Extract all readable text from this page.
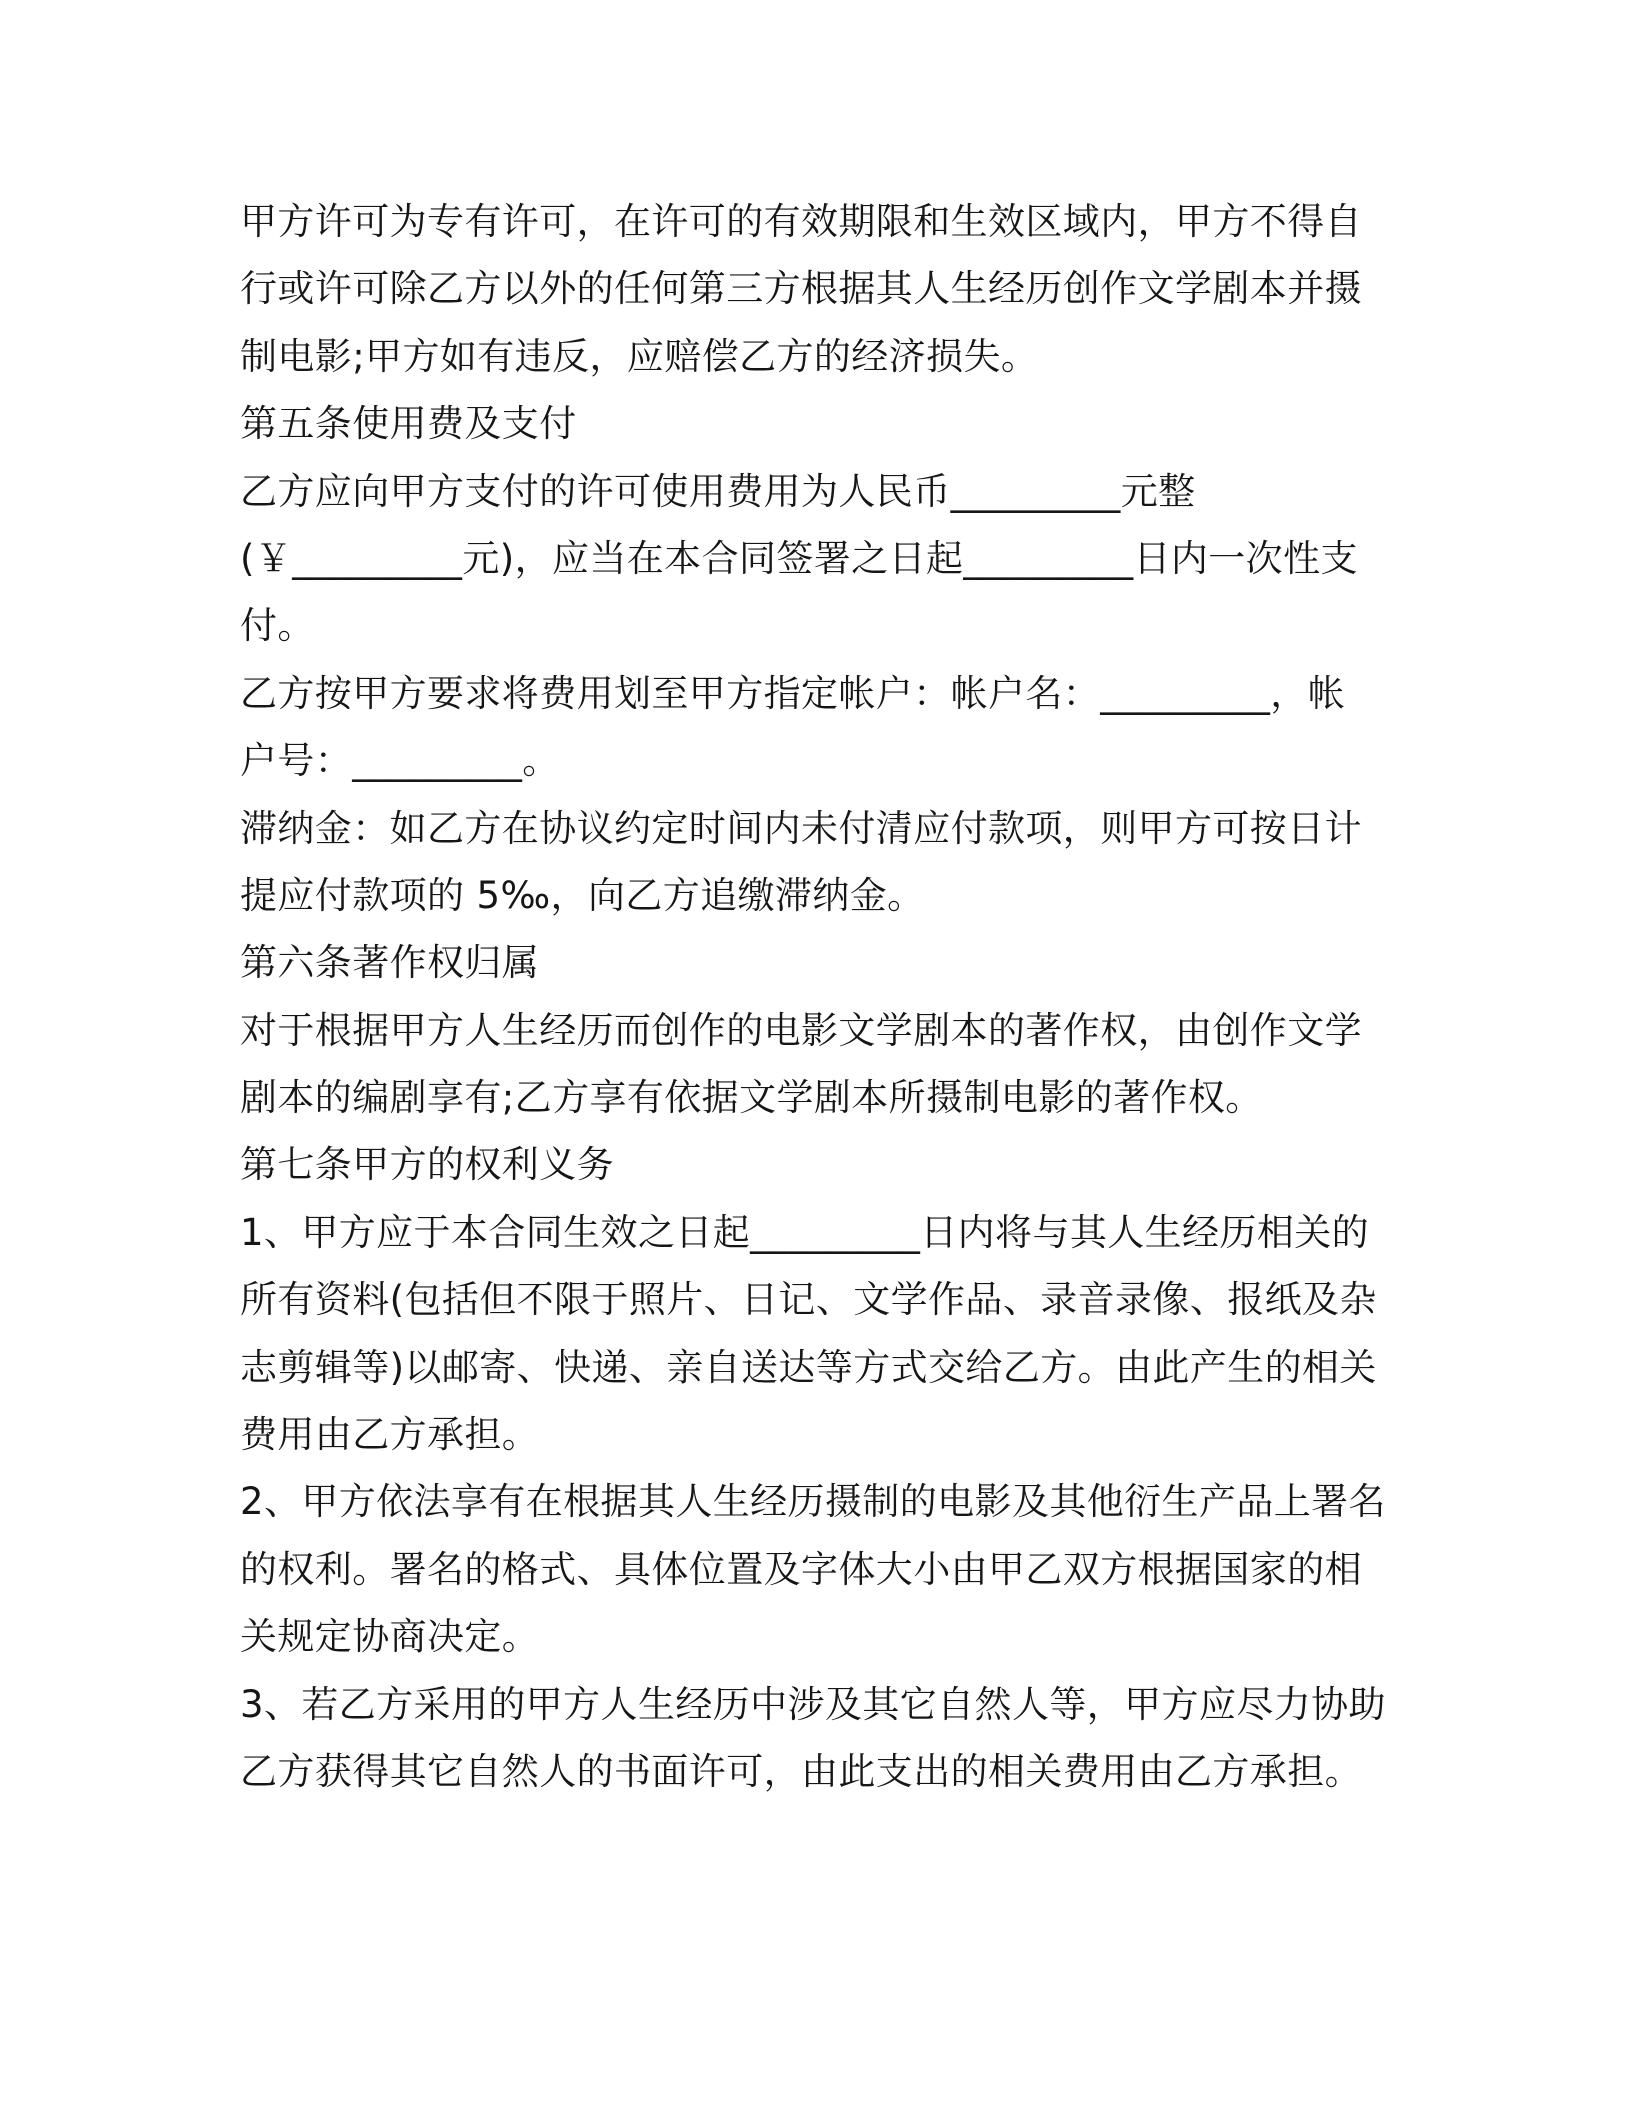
甲方许可为专有许可，在许可的有效期限和生效区域内，甲方不得自
行或许可除乙方以外的任何第三方根据其人生经历创作文学剧本并摄
制电影;甲方如有违反，应赔偿乙方的经济损失。
第五条使用费及支付
乙方应向甲方支付的许可使用费用为人民币_________元整
(￥_________元)，应当在本合同签署之日起_________日内一次性支
付。
乙方按甲方要求将费用划至甲方指定帐户：帐户名：_________，帐
户号：_________。
滞纳金：如乙方在协议约定时间内未付清应付款项，则甲方可按日计
提应付款项的 5‰，向乙方追缴滞纳金。
第六条著作权归属
对于根据甲方人生经历而创作的电影文学剧本的著作权，由创作文学
剧本的编剧享有;乙方享有依据文学剧本所摄制电影的著作权。
第七条甲方的权利义务
1、甲方应于本合同生效之日起_________日内将与其人生经历相关的
所有资料(包括但不限于照片、日记、文学作品、录音录像、报纸及杂
志剪辑等)以邮寄、快递、亲自送达等方式交给乙方。由此产生的相关
费用由乙方承担。
2、甲方依法享有在根据其人生经历摄制的电影及其他衍生产品上署名
的权利。署名的格式、具体位置及字体大小由甲乙双方根据国家的相
关规定协商决定。
3、若乙方采用的甲方人生经历中涉及其它自然人等，甲方应尽力协助
乙方获得其它自然人的书面许可，由此支出的相关费用由乙方承担。
